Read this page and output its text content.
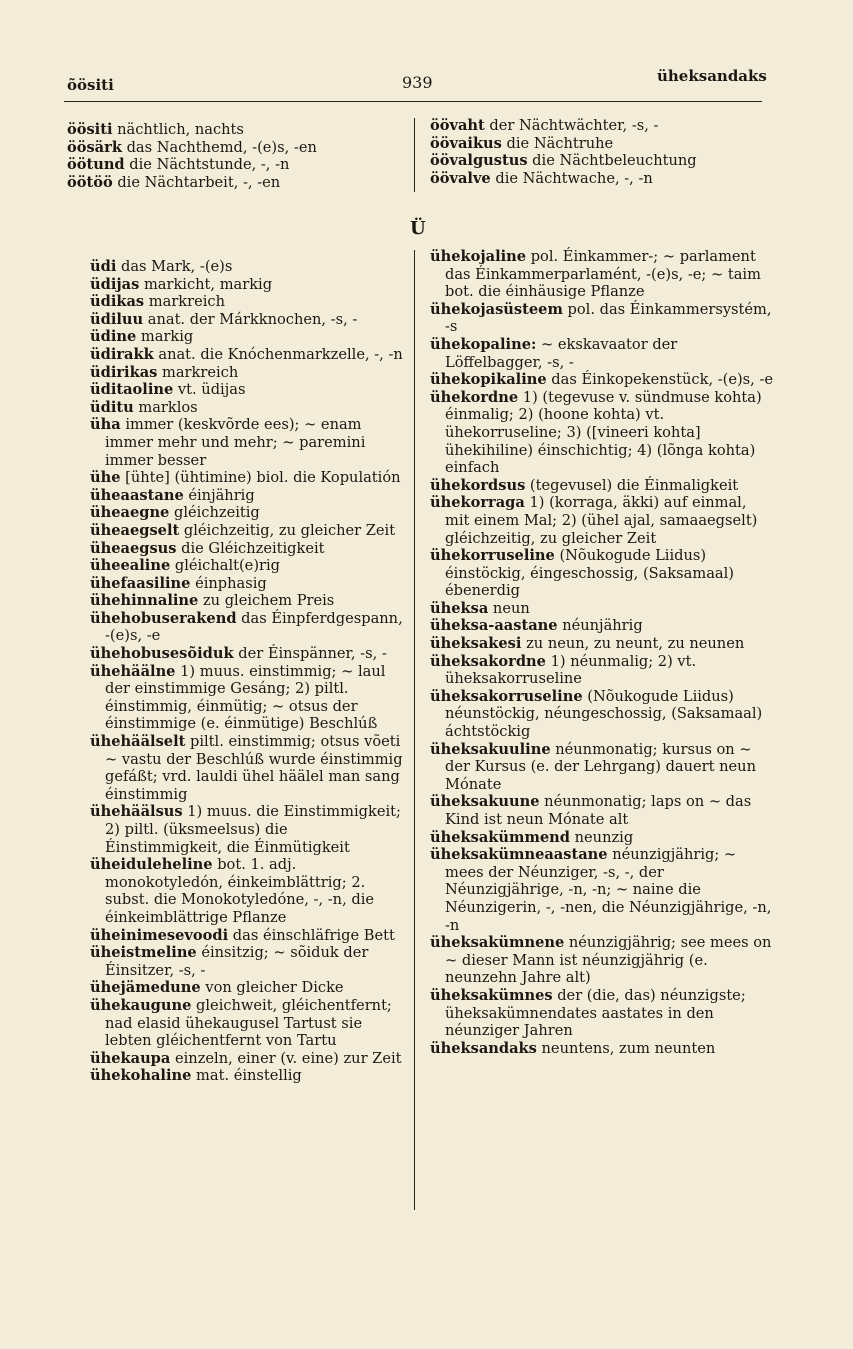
õösiti	939	üheksandaks

öösiti nächtlich, nachts

öösärk das Nachthemd, -(e)s, -en

öötund die Nächtstunde, -, -n

öötöö die Nächtarbeit, -, -en

öövaht der Nächtwächter, -s, -

öövaikus die Nächtruhe

öövalgustus die Nächtbeleuchtung

öövalve die Nächtwache, -, -n

Ü

üdi das Mark, -(e)s

üdijas markicht, markig

üdikas markreich

üdiluu anat. der Márkknochen, -s, -

üdine markig

üdirakk anat. die Knóchenmarkzelle, -, -n

üdirikas markreich

üditaoline vt. üdijas

üditu marklos

üha immer (keskvõrde ees); ~ enam immer mehr und mehr; ~ paremini immer besser

ühe [ühte] (ühtimine) biol. die Kopulatión

üheaastane éinjährig

üheaegne gléichzeitig

üheaegselt gléichzeitig, zu gleicher Zeit

üheaegsus die Gléichzeitigkeit

üheealine gléichalt(e)rig

ühefaasiline éinphasig

ühehinnaline zu gleichem Preis

ühehobuserakend das Éinpferdgespann, -(e)s, -e

ühehobusesõiduk der Éinspänner, -s, -

ühehäälne 1) muus. einstimmig; ~ laul der einstimmige Gesáng; 2) piltl. éinstimmig, éinmütig; ~ otsus der éinstimmige (e. éinmütige) Beschlúß

ühehäälselt piltl. einstimmig; otsus võeti ~ vastu der Beschlúß wurde éinstimmig gefáßt; vrd. lauldi ühel häälel man sang éinstimmig

ühehäälsus 1) muus. die Einstimmigkeit; 2) piltl. (üksmeelsus) die Éinstimmigkeit, die Éinmütigkeit

üheiduleheline bot. 1. adj. monokotyledón, éinkeimblättrig; 2. subst. die Monokotyledóne, -, -n, die éinkeimblättrige Pflanze

üheinimesevoodi das éinschläfrige Bett

üheistmeline éinsitzig; ~ sõiduk der Éinsitzer, -s, -

ühejämedune von gleicher Dicke

ühekaugune gleichweit, gléichentfernt; nad elasid ühekaugusel Tartust sie lebten gléichentfernt von Tartu

ühekaupa einzeln, einer (v. eine) zur Zeit

ühekohaline mat. éinstellig

ühekojaline pol. Éinkammer-; ~ parlament das Éinkammerparlamént, -(e)s, -e; ~ taim bot. die éinhäusige Pflanze

ühekojasüsteem pol. das Éinkammersystém, -s

ühekopaline: ~ ekskavaator der Löffelbagger, -s, -

ühekopikaline das Éinkopekenstück, -(e)s, -e

ühekordne 1) (tegevuse v. sündmuse kohta) éinmalig; 2) (hoone kohta) vt. ühekorruseline; 3) ([vineeri kohta] ühekihiline) éinschichtig; 4) (lõnga kohta) einfach

ühekordsus (tegevusel) die Éinmaligkeit

ühekorraga 1) (korraga, äkki) auf einmal, mit einem Mal; 2) (ühel ajal, samaaegselt) gléichzeitig, zu gleicher Zeit

ühekorruseline (Nõukogude Liidus) éinstöckig, éingeschossig, (Saksamaal) ébenerdig

üheksa neun

üheksa-aastane néunjährig

üheksakesi zu neun, zu neunt, zu neunen

üheksakordne 1) néunmalig; 2) vt. üheksakorruseline

üheksakorruseline (Nõukogude Liidus) néunstöckig, néungeschossig, (Saksamaal) áchtstöckig

üheksakuuline néunmonatig; kursus on ~ der Kursus (e. der Lehrgang) dauert neun Mónate

üheksakuune néunmonatig; laps on ~ das Kind ist neun Mónate alt

üheksakümmend neunzig

üheksakümneaastane néunzigjährig; ~ mees der Néunziger, -s, -, der Néunzigjährige, -n, -n; ~ naine die Néunzigerin, -, -nen, die Néunzigjährige, -n, -n

üheksakümnene néunzigjährig; see mees on ~ dieser Mann ist néunzigjährig (e. neunzehn Jahre alt)

üheksakümnes der (die, das) néunzigste; üheksakümnendates aastates in den néunziger Jahren

üheksandaks neuntens, zum neunten
